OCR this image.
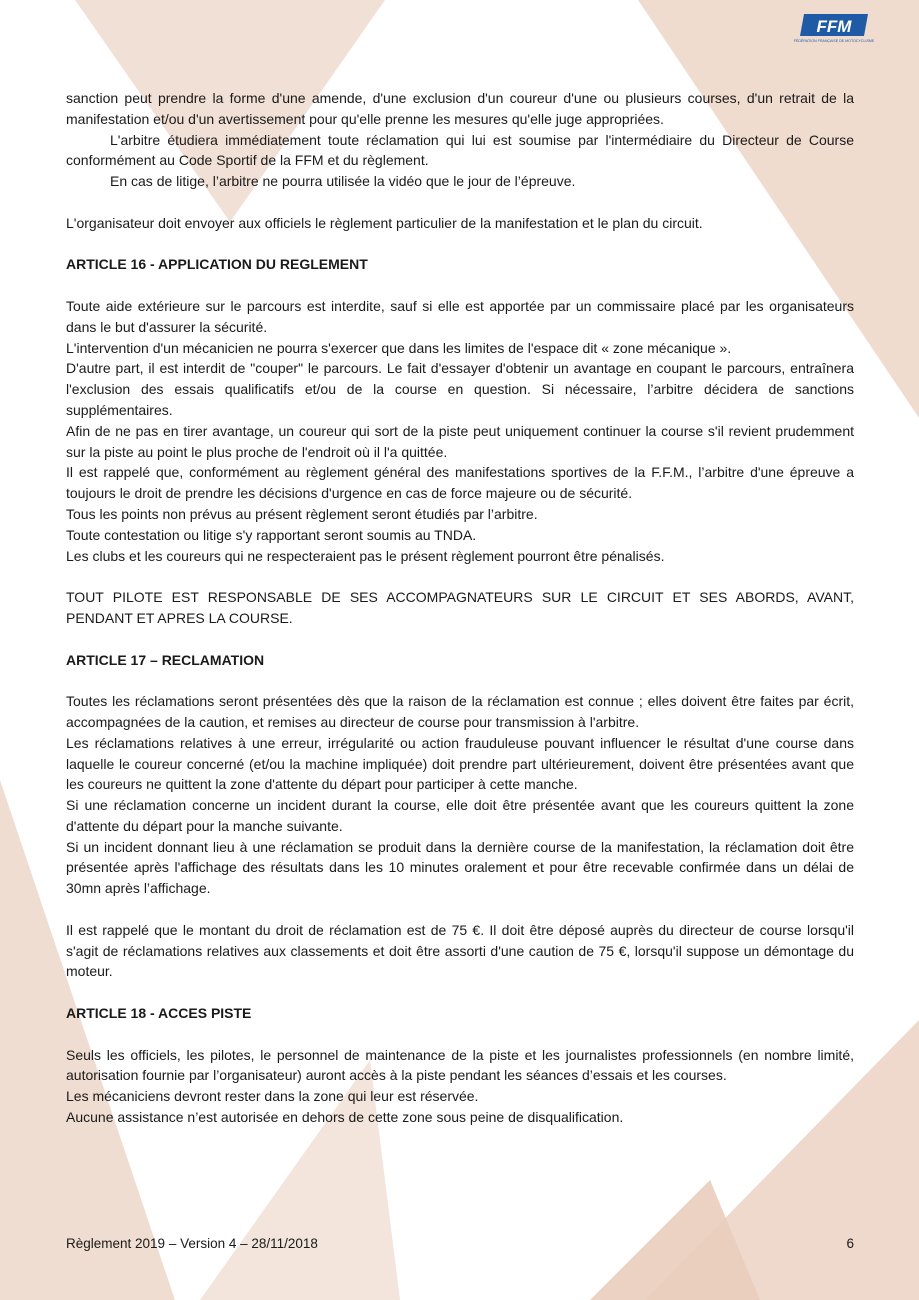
FFM
FÉDÉRATION FRANÇAISE DE MOTOCYCLISME

sanction peut prendre la forme d'une amende, d'une exclusion d'un coureur d'une ou plusieurs courses, d'un retrait de la manifestation et/ou d'un avertissement pour qu'elle prenne les mesures qu'elle juge appropriées.

L'arbitre étudiera immédiatement toute réclamation qui lui est soumise par l'intermédiaire du Directeur de Course conformément au Code Sportif de la FFM et du règlement.

En cas de litige, l’arbitre ne pourra utilisée la vidéo que le jour de l’épreuve.

L'organisateur doit envoyer aux officiels le règlement particulier de la manifestation et le plan du circuit.

ARTICLE 16 - APPLICATION DU REGLEMENT

Toute aide extérieure sur le parcours est interdite, sauf si elle est apportée par un commissaire placé par les organisateurs dans le but d'assurer la sécurité.

L'intervention d'un mécanicien ne pourra s'exercer que dans les limites de l'espace dit « zone mécanique ».

D'autre part, il est interdit de "couper" le parcours. Le fait d'essayer d'obtenir un avantage en coupant le parcours, entraînera l'exclusion des essais qualificatifs et/ou de la course en question. Si nécessaire, l’arbitre décidera de sanctions supplémentaires.

Afin de ne pas en tirer avantage, un coureur qui sort de la piste peut uniquement continuer la course s'il revient prudemment sur la piste au point le plus proche de l'endroit où il l'a quittée.

Il est rappelé que, conformément au règlement général des manifestations sportives de la F.F.M., l’arbitre d'une épreuve a toujours le droit de prendre les décisions d'urgence en cas de force majeure ou de sécurité.

Tous les points non prévus au présent règlement seront étudiés par l’arbitre.

Toute contestation ou litige s'y rapportant seront soumis au TNDA.

Les clubs et les coureurs qui ne respecteraient pas le présent règlement pourront être pénalisés.

TOUT PILOTE EST RESPONSABLE DE SES ACCOMPAGNATEURS SUR LE CIRCUIT ET SES ABORDS, AVANT, PENDANT ET APRES LA COURSE.

ARTICLE 17 – RECLAMATION

Toutes les réclamations seront présentées dès que la raison de la réclamation est connue ; elles doivent être faites par écrit, accompagnées de la caution, et remises au directeur de course pour transmission à l'arbitre.

Les réclamations relatives à une erreur, irrégularité ou action frauduleuse pouvant influencer le résultat d'une course dans laquelle le coureur concerné (et/ou la machine impliquée) doit prendre part ultérieurement, doivent être présentées avant que les coureurs ne quittent la zone d'attente du départ pour participer à cette manche.

Si une réclamation concerne un incident durant la course, elle doit être présentée avant que les coureurs quittent la zone d'attente du départ pour la manche suivante.

Si un incident donnant lieu à une réclamation se produit dans la dernière course de la manifestation, la réclamation doit être présentée après l'affichage des résultats dans les 10 minutes oralement et pour être recevable confirmée dans un délai de 30mn après l’affichage.

Il est rappelé que le montant du droit de réclamation est de 75 €. Il doit être déposé auprès du directeur de course lorsqu'il s'agit de réclamations relatives aux classements et doit être assorti d'une caution de 75 €, lorsqu'il suppose un démontage du moteur.

ARTICLE 18 - ACCES PISTE

Seuls les officiels, les pilotes, le personnel de maintenance de la piste et les journalistes professionnels (en nombre limité, autorisation fournie par l’organisateur) auront accès à la piste pendant les séances d’essais et les courses.

Les mécaniciens devront rester dans la zone qui leur est réservée.

Aucune assistance n’est autorisée en dehors de cette zone sous peine de disqualification.

Règlement 2019 – Version 4 – 28/11/2018	6
